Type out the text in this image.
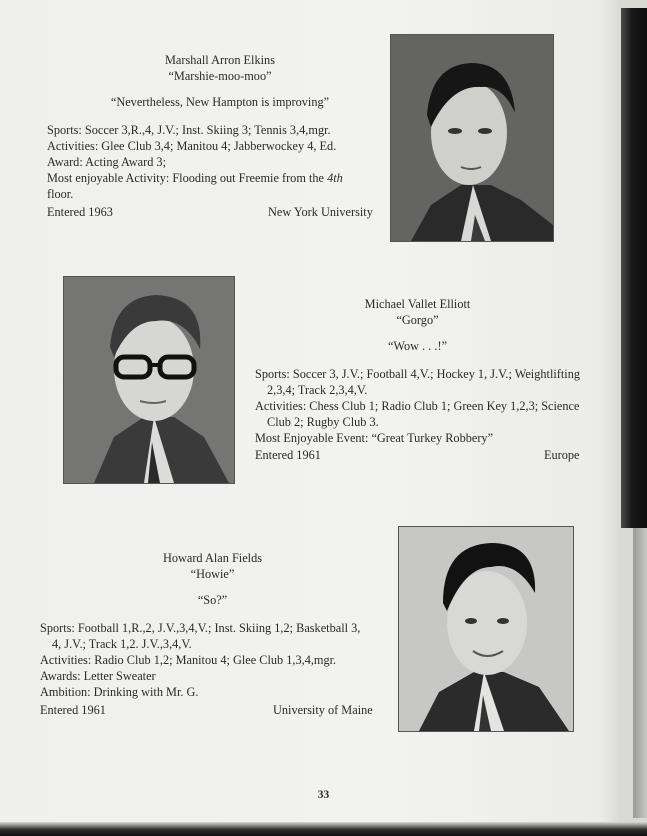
Marshall Arron Elkins
“Marshie-moo-moo”
“Nevertheless, New Hampton is improving”
Sports: Soccer 3,R.,4, J.V.; Inst. Skiing 3; Tennis 3,4,mgr.
Activities: Glee Club 3,4; Manitou 4; Jabberwockey 4, Ed.
Award: Acting Award 3;
Most enjoyable Activity: Flooding out Freemie from the 4th
floor.
Entered 1963	New York University
Michael Vallet Elliott
“Gorgo”
“Wow . . .!”
Sports: Soccer 3, J.V.; Football 4,V.; Hockey 1, J.V.; Weightlifting
2,3,4; Track 2,3,4,V.
Activities: Chess Club 1; Radio Club 1; Green Key 1,2,3; Science
Club 2; Rugby Club 3.
Most Enjoyable Event: “Great Turkey Robbery”
Entered 1961	Europe
Howard Alan Fields
“Howie”
“So?”
Sports: Football 1,R.,2, J.V.,3,4,V.; Inst. Skiing 1,2; Basketball 3,
4, J.V.; Track 1,2. J.V.,3,4,V.
Activities: Radio Club 1,2; Manitou 4; Glee Club 1,3,4,mgr.
Awards: Letter Sweater
Ambition: Drinking with Mr. G.
Entered 1961	University of Maine
33
